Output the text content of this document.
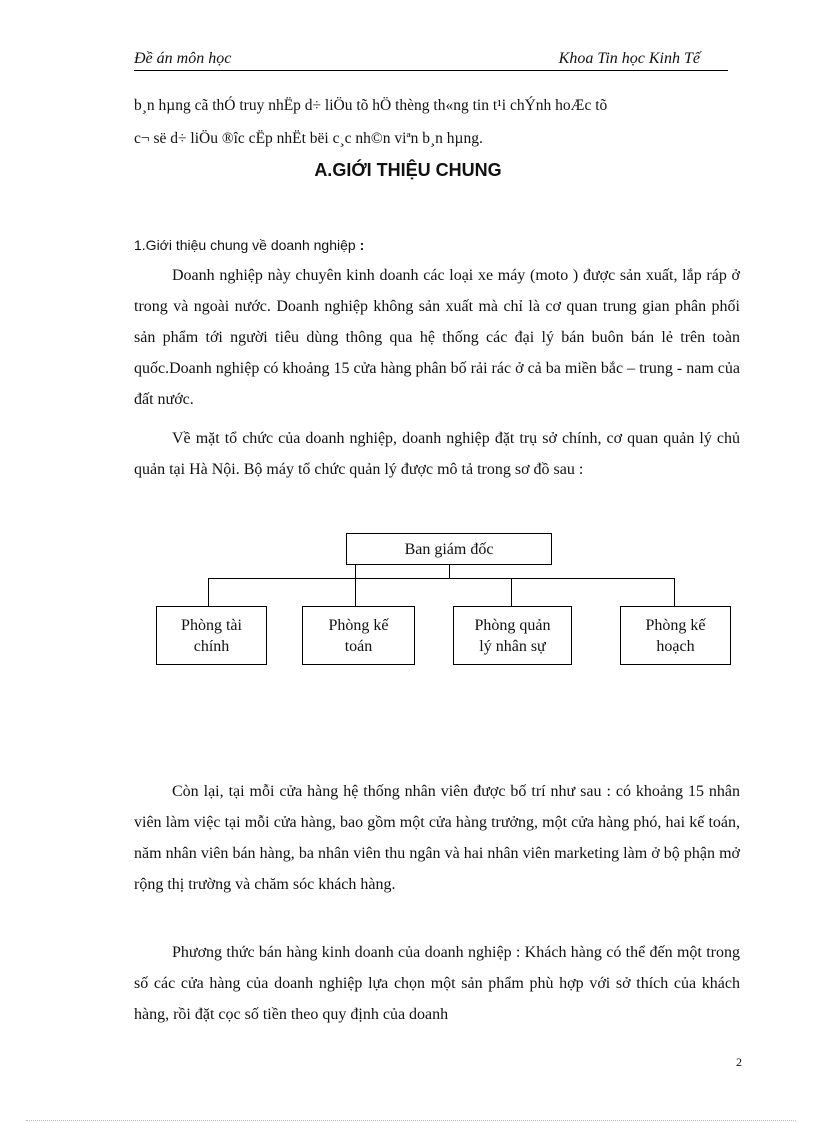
Đề án môn học	Khoa Tin học Kinh Tế

b¸n hµng cã thÓ truy nhËp d÷ liÖu tõ hÖ thèng th«ng tin t¹i chÝnh hoÆc tõ

c¬ së d÷ liÖu ®îc cËp nhËt bëi c¸c nh©n viªn b¸n hµng.

A.GIỚI THIỆU CHUNG
1.Giới thiệu chung về doanh nghiệp :

Doanh nghiệp này chuyên kinh doanh các loại xe máy (moto ) được sản xuất, lắp ráp ở trong và ngoài nước. Doanh nghiệp không sản xuất mà chỉ là cơ quan trung gian phân phối sản phẩm tới người tiêu dùng thông qua hệ thống các đại lý bán buôn bán lẻ trên toàn quốc.Doanh nghiệp có khoảng 15 cửa hàng phân bố rải rác ở cả ba miền bắc – trung - nam của đất nước.

Về mặt tổ chức của doanh nghiệp, doanh nghiệp đặt trụ sở chính, cơ quan quản lý chủ quản tại Hà Nội. Bộ máy tổ chức quản lý được mô tả trong sơ đồ sau :

Ban giám đốc
Phòng tài
chính
Phòng kế
toán
Phòng quản
lý nhân sự
Phòng kế
hoạch

Còn lại, tại mỗi cửa hàng hệ thống nhân viên được bố trí như sau : có khoảng 15 nhân viên làm việc tại mỗi cửa hàng, bao gồm một cửa hàng trưởng, một cửa hàng phó, hai kế toán, năm nhân viên bán hàng, ba nhân viên thu ngân và hai nhân viên marketing làm ở bộ phận mở rộng thị trường và chăm sóc khách hàng.

Phương thức bán hàng kinh doanh của doanh nghiệp : Khách hàng có thể đến một trong số các cửa hàng của doanh nghiệp lựa chọn một sản phẩm phù hợp với sở thích của khách hàng, rồi đặt cọc số tiền theo quy định của doanh

2
